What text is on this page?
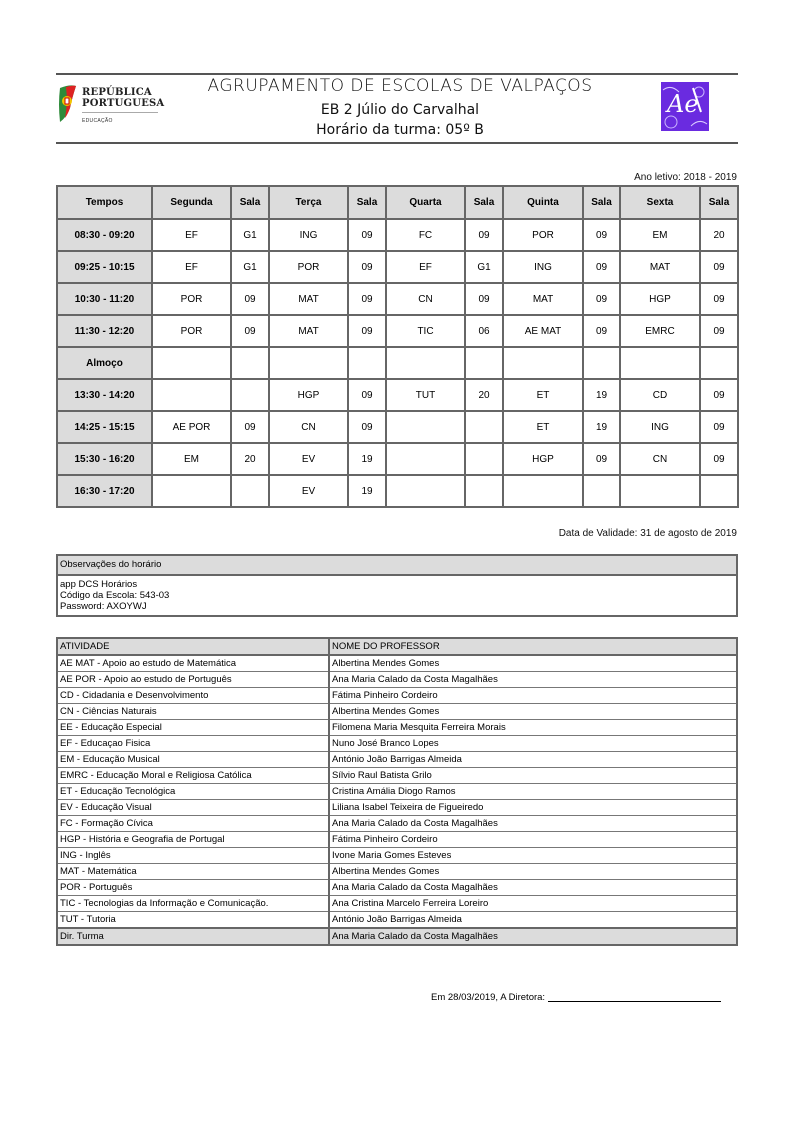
REPÚBLICA
PORTUGUESA
EDUCAÇÃO
AGRUPAMENTO DE ESCOLAS DE VALPAÇOS
EB 2 Júlio do Carvalhal
Horário da turma: 05º B
Ae
Ano letivo: 2018 - 2019
Tempos	Segunda	Sala	Terça	Sala	Quarta	Sala	Quinta	Sala	Sexta	Sala
08:30 - 09:20	EF	G1	ING	09	FC	09	POR	09	EM	20
09:25 - 10:15	EF	G1	POR	09	EF	G1	ING	09	MAT	09
10:30 - 11:20	POR	09	MAT	09	CN	09	MAT	09	HGP	09
11:30 - 12:20	POR	09	MAT	09	TIC	06	AE MAT	09	EMRC	09
Almoço										
13:30 - 14:20			HGP	09	TUT	20	ET	19	CD	09
14:25 - 15:15	AE POR	09	CN	09			ET	19	ING	09
15:30 - 16:20	EM	20	EV	19			HGP	09	CN	09
16:30 - 17:20			EV	19						
Data de Validade: 31 de agosto de 2019
Observações do horário
app DCS Horários
Código da Escola: 543-03
Password: AXOYWJ
ATIVIDADE	NOME DO PROFESSOR
AE MAT - Apoio ao estudo de Matemática	Albertina Mendes Gomes
AE POR - Apoio ao estudo de Português	Ana Maria Calado da Costa Magalhães
CD - Cidadania e Desenvolvimento	Fátima Pinheiro Cordeiro
CN - Ciências Naturais	Albertina Mendes Gomes
EE - Educação Especial	Filomena Maria Mesquita Ferreira Morais
EF - Educaçao Fisica	Nuno José Branco Lopes
EM - Educação Musical	António João Barrigas Almeida
EMRC - Educação Moral e Religiosa Católica	Sílvio Raul Batista Grilo
ET - Educação Tecnológica	Cristina Amália Diogo Ramos
EV - Educação Visual	Liliana Isabel Teixeira de Figueiredo
FC - Formação Cívica	Ana Maria Calado da Costa Magalhães
HGP - História e Geografia de Portugal	Fátima Pinheiro Cordeiro
ING - Inglês	Ivone Maria Gomes Esteves
MAT - Matemática	Albertina Mendes Gomes
POR - Português	Ana Maria Calado da Costa Magalhães
TIC - Tecnologias da Informação e Comunicação.	Ana Cristina Marcelo Ferreira Loreiro
TUT - Tutoria	António João Barrigas Almeida
Dir. Turma	Ana Maria Calado da Costa Magalhães
Em 28/03/2019, A Diretora:
